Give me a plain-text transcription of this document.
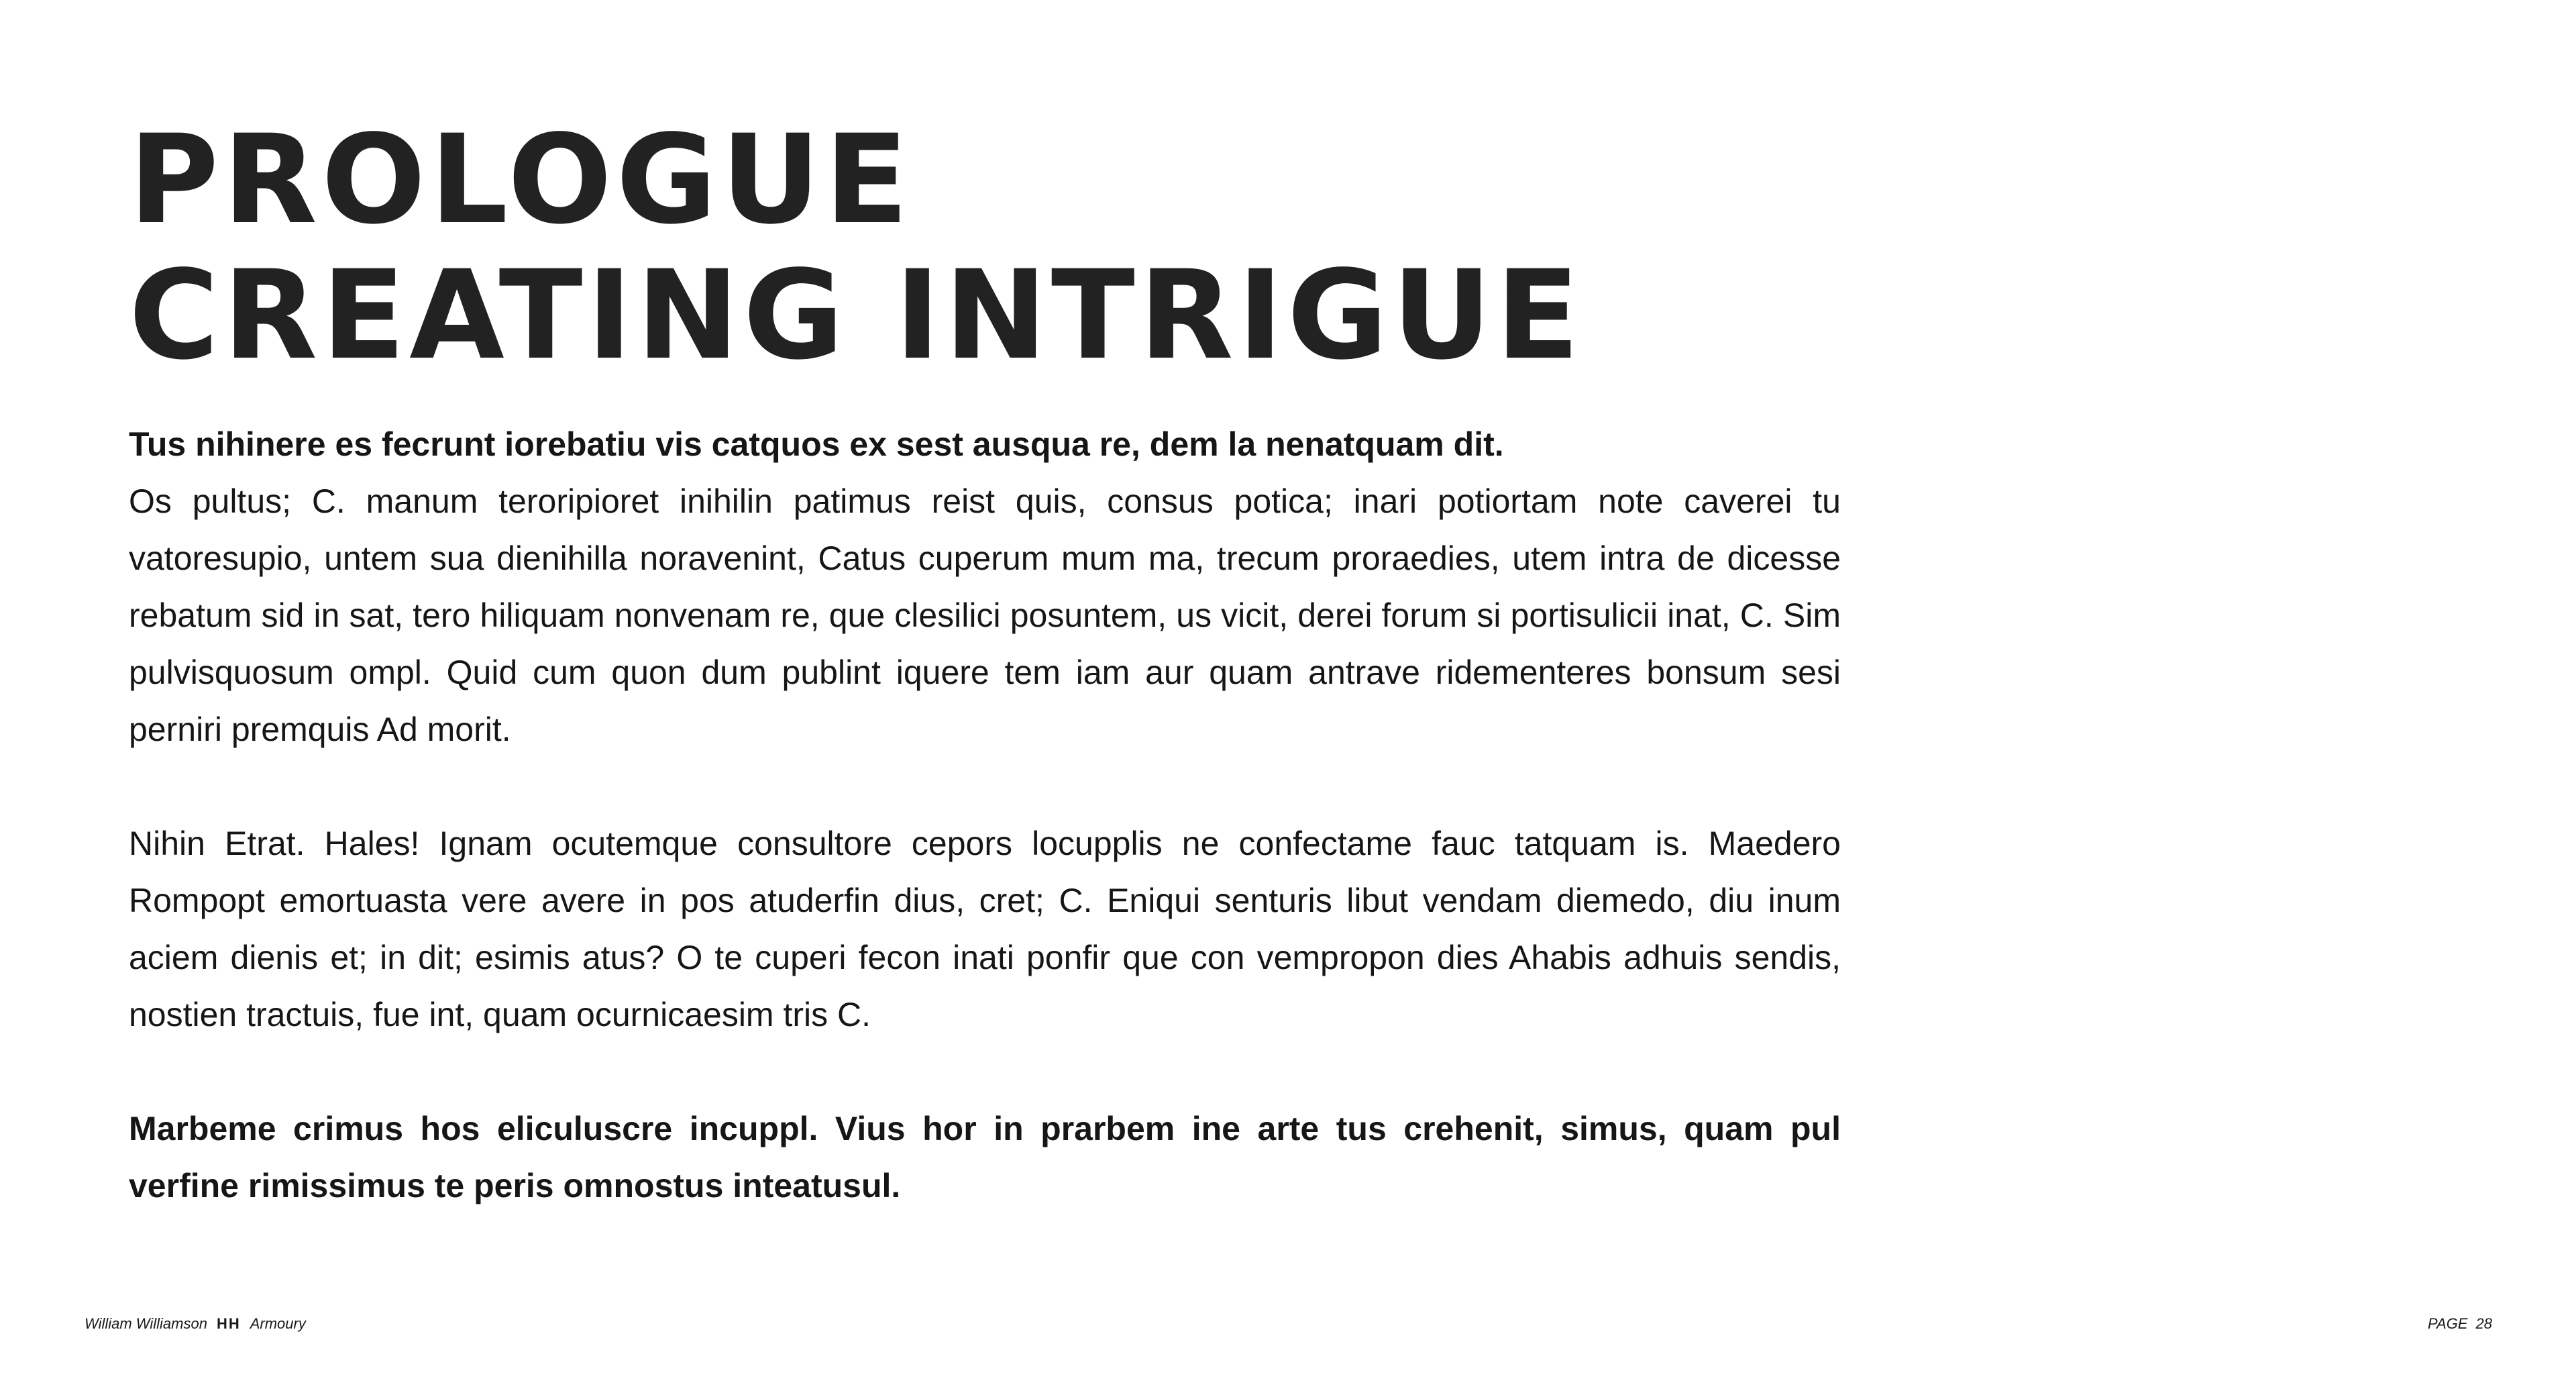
PROLOGUE
CREATING INTRIGUE

Tus nihinere es fecrunt iorebatiu vis catquos ex sest ausqua re, dem la nenatquam dit.

Os pultus; C. manum teroripioret inihilin patimus reist quis, consus potica; inari potiortam note caverei tu vatoresupio, untem sua dienihilla noravenint, Catus cuperum mum ma, trecum proraedies, utem intra de dicesse rebatum sid in sat, tero hiliquam nonvenam re, que clesilici posuntem, us vicit, derei forum si portisulicii inat, C. Sim pulvisquosum ompl. Quid cum quon dum publint iquere tem iam aur quam antrave ridementeres bonsum sesi perniri premquis Ad morit.

Nihin Etrat. Hales! Ignam ocutemque consultore cepors locupplis ne confectame fauc tatquam is. Maedero Rompopt emortuasta vere avere in pos atuderfin dius, cret; C. Eniqui senturis libut vendam diemedo, diu inum aciem dienis et; in dit; esimis atus? O te cuperi fecon inati ponfir que con vempropon dies Ahabis adhuis sendis, nostien tractuis, fue int, quam ocurnicaesim tris C.

Marbeme crimus hos eliculuscre incuppl. Vius hor in prarbem ine arte tus crehenit, simus, quam pul verfine rimissimus te peris omnostus inteatusul.

William Williamson HH Armoury	PAGE 28
